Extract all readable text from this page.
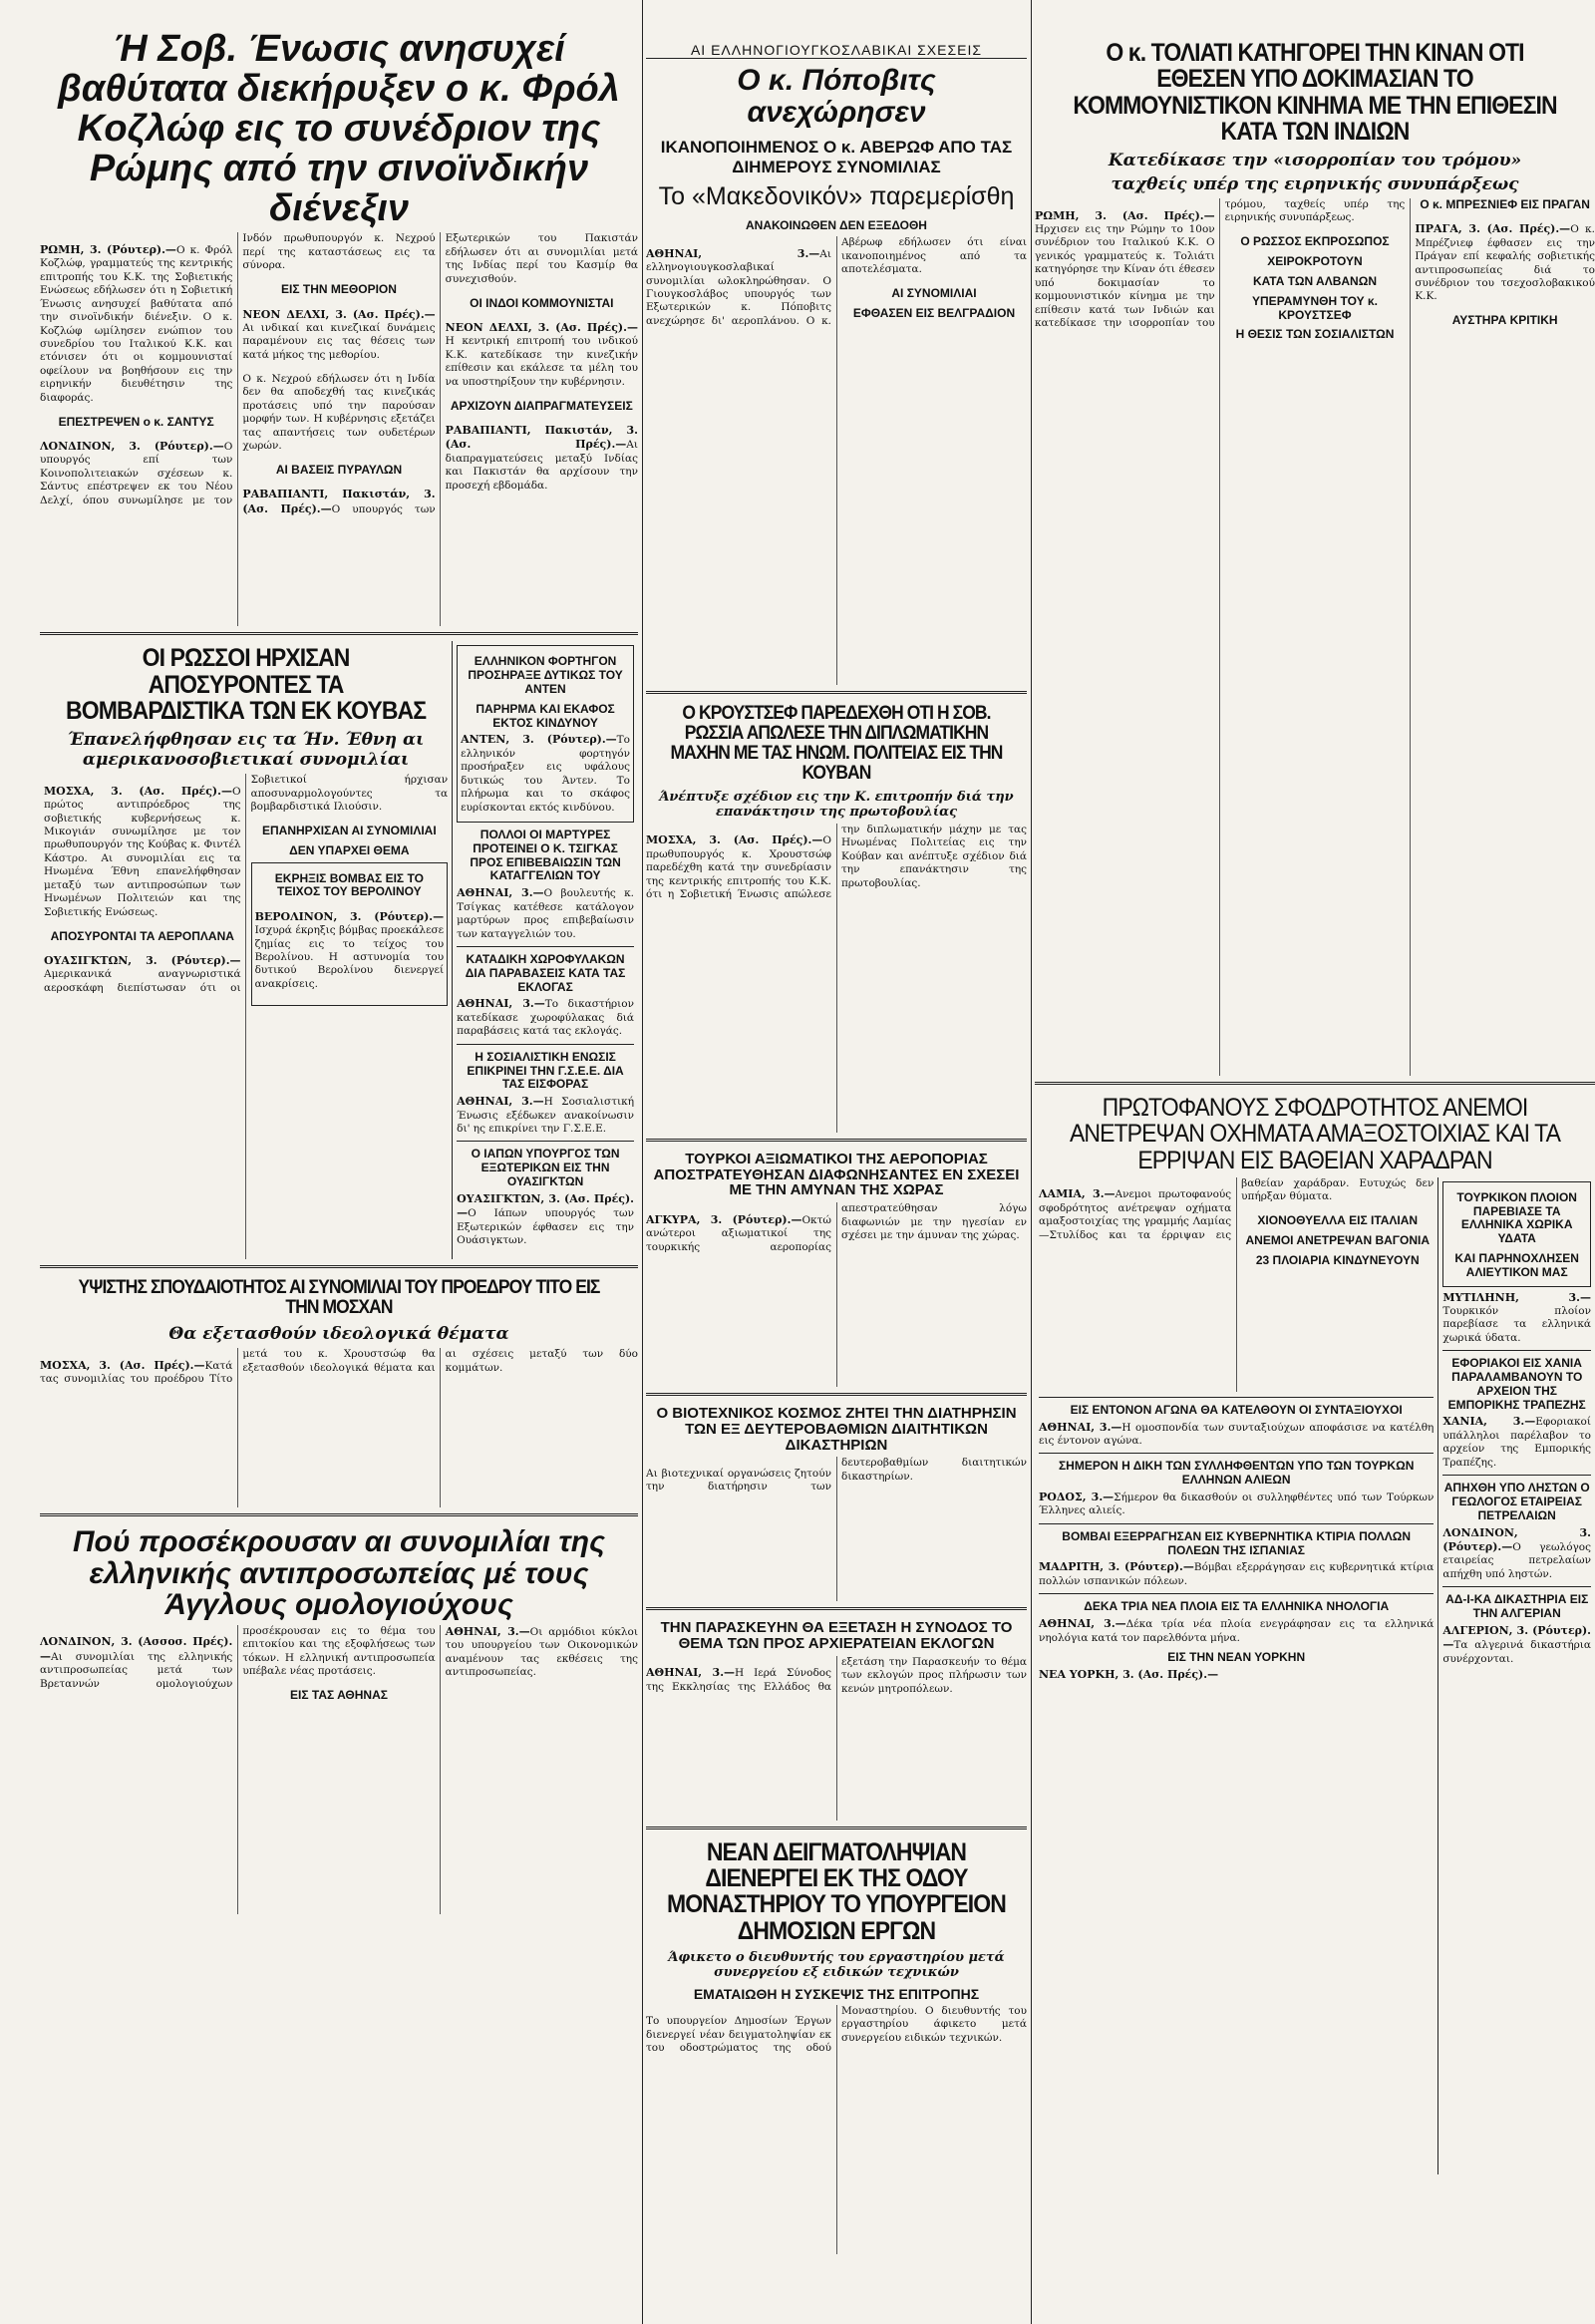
Ή Σοβ. Ένωσις ανησυχεί βαθύτατα διεκήρυξεν ο κ. Φρόλ Κοζλώφ εις το συνέδριον της Ρώμης από την σινοϊνδικήν διένεξιν

ΡΩΜΗ, 3. (Ρόυτερ).—Ο κ. Φρόλ Κοζλώφ, γραμματεύς της κεντρικής επιτροπής του Κ.Κ. της Σοβιετικής Ενώσεως εδήλωσεν ότι η Σοβιετική Ένωσις ανησυχεί βαθύτατα από την σινοϊνδικήν διένεξιν. Ο κ. Κοζλώφ ωμίλησεν ενώπιον του συνεδρίου του Ιταλικού Κ.Κ. και ετόνισεν ότι οι κομμουνισταί οφείλουν να βοηθήσουν εις την ειρηνικήν διευθέτησιν της διαφοράς.

ΕΠΕΣΤΡΕΨΕΝ ο κ. ΣΑΝΤΥΣ

ΛΟΝΔΙΝΟΝ, 3. (Ρόυτερ).—Ο υπουργός επί των Κοινοπολιτειακών σχέσεων κ. Σάντυς επέστρεψεν εκ του Νέου Δελχί, όπου συνωμίλησε με τον Ινδόν πρωθυπουργόν κ. Νεχρού περί της καταστάσεως εις τα σύνορα.

ΕΙΣ ΤΗΝ ΜΕΘΟΡΙΟΝ

ΝΕΟΝ ΔΕΛΧΙ, 3. (Ασ. Πρές).—Αι ινδικαί και κινεζικαί δυνάμεις παραμένουν εις τας θέσεις των κατά μήκος της μεθορίου.

Ο κ. Νεχρού εδήλωσεν ότι η Ινδία δεν θα αποδεχθή τας κινεζικάς προτάσεις υπό την παρούσαν μορφήν των. Η κυβέρνησις εξετάζει τας απαντήσεις των ουδετέρων χωρών.

ΑΙ ΒΑΣΕΙΣ ΠΥΡΑΥΛΩΝ

ΡΑΒΑΠΙΑΝΤΙ, Πακιστάν, 3. (Ασ. Πρές).—Ο υπουργός των Εξωτερικών του Πακιστάν εδήλωσεν ότι αι συνομιλίαι μετά της Ινδίας περί του Κασμίρ θα συνεχισθούν.

ΟΙ ΙΝΔΟΙ ΚΟΜΜΟΥΝΙΣΤΑΙ

ΝΕΟΝ ΔΕΛΧΙ, 3. (Ασ. Πρές).—Η κεντρική επιτροπή του ινδικού Κ.Κ. κατεδίκασε την κινεζικήν επίθεσιν και εκάλεσε τα μέλη του να υποστηρίξουν την κυβέρνησιν.

ΑΡΧΙΖΟΥΝ ΔΙΑΠΡΑΓΜΑΤΕΥΣΕΙΣ

ΡΑΒΑΠΙΑΝΤΙ, Πακιστάν, 3. (Ασ. Πρές).—Αι διαπραγματεύσεις μεταξύ Ινδίας και Πακιστάν θα αρχίσουν την προσεχή εβδομάδα.

ΟΙ ΡΩΣΣΟΙ ΗΡΧΙΣΑΝ ΑΠΟΣΥΡΟΝΤΕΣ ΤΑ ΒΟΜΒΑΡΔΙΣΤΙΚΑ ΤΩΝ ΕΚ ΚΟΥΒΑΣ
Έπανελήφθησαν εις τα Ήν. Έθνη αι αμερικανοσοβιετικαί συνομιλίαι

ΜΟΣΧΑ, 3. (Ασ. Πρές).—Ο πρώτος αντιπρόεδρος της σοβιετικής κυβερνήσεως κ. Μικογιάν συνωμίλησε με τον πρωθυπουργόν της Κούβας κ. Φιντέλ Κάστρο. Αι συνομιλίαι εις τα Ηνωμένα Έθνη επανελήφθησαν μεταξύ των αντιπροσώπων των Ηνωμένων Πολιτειών και της Σοβιετικής Ενώσεως.

ΑΠΟΣΥΡΟΝΤΑΙ ΤΑ ΑΕΡΟΠΛΑΝΑ

ΟΥΑΣΙΓΚΤΩΝ, 3. (Ρόυτερ).—Αμερικανικά αναγνωριστικά αεροσκάφη διεπίστωσαν ότι οι Σοβιετικοί ήρχισαν αποσυναρμολογούντες τα βομβαρδιστικά Ιλιούσιν.

ΕΠΑΝΗΡΧΙΣΑΝ ΑΙ ΣΥΝΟΜΙΛΙΑΙ
ΔΕΝ ΥΠΑΡΧΕΙ ΘΕΜΑ
ΕΚΡΗΞΙΣ ΒΟΜΒΑΣ ΕΙΣ ΤΟ ΤΕΙΧΟΣ ΤΟΥ ΒΕΡΟΛΙΝΟΥ

ΒΕΡΟΛΙΝΟΝ, 3. (Ρόυτερ).—Ισχυρά έκρηξις βόμβας προεκάλεσε ζημίας εις το τείχος του Βερολίνου. Η αστυνομία του δυτικού Βερολίνου διενεργεί ανακρίσεις.

ΕΛΛΗΝΙΚΟΝ ΦΟΡΤΗΓΟΝ ΠΡΟΣΗΡΑΞΕ ΔΥΤΙΚΩΣ ΤΟΥ ΑΝΤΕΝ
ΠΑΡΗΡΜΑ ΚΑΙ ΕΚΑΦΟΣ ΕΚΤΟΣ ΚΙΝΔΥΝΟΥ

ΑΝΤΕΝ, 3. (Ρόυτερ).—Το ελληνικόν φορτηγόν προσήραξεν εις υφάλους δυτικώς του Άντεν. Το πλήρωμα και το σκάφος ευρίσκονται εκτός κινδύνου.

ΠΟΛΛΟΙ ΟΙ ΜΑΡΤΥΡΕΣ ΠΡΟΤΕΙΝΕΙ Ο Κ. ΤΣΙΓΚΑΣ ΠΡΟΣ ΕΠΙΒΕΒΑΙΩΣΙΝ ΤΩΝ ΚΑΤΑΓΓΕΛΙΩΝ ΤΟΥ

ΑΘΗΝΑΙ, 3.—Ο βουλευτής κ. Τσίγκας κατέθεσε κατάλογον μαρτύρων προς επιβεβαίωσιν των καταγγελιών του.

ΚΑΤΑΔΙΚΗ ΧΩΡΟΦΥΛΑΚΩΝ ΔΙΑ ΠΑΡΑΒΑΣΕΙΣ ΚΑΤΑ ΤΑΣ ΕΚΛΟΓΑΣ

ΑΘΗΝΑΙ, 3.—Το δικαστήριον κατεδίκασε χωροφύλακας διά παραβάσεις κατά τας εκλογάς.

Η ΣΟΣΙΑΛΙΣΤΙΚΗ ΕΝΩΣΙΣ ΕΠΙΚΡΙΝΕΙ ΤΗΝ Γ.Σ.Ε.Ε. ΔΙΑ ΤΑΣ ΕΙΣΦΟΡΑΣ

ΑΘΗΝΑΙ, 3.—Η Σοσιαλιστική Ένωσις εξέδωκεν ανακοίνωσιν δι' ης επικρίνει την Γ.Σ.Ε.Ε.

Ο ΙΑΠΩΝ ΥΠΟΥΡΓΟΣ ΤΩΝ ΕΞΩΤΕΡΙΚΩΝ ΕΙΣ ΤΗΝ ΟΥΑΣΙΓΚΤΩΝ

ΟΥΑΣΙΓΚΤΩΝ, 3. (Ασ. Πρές).—Ο Ιάπων υπουργός των Εξωτερικών έφθασεν εις την Ουάσιγκτων.

ΥΨΙΣΤΗΣ ΣΠΟΥΔΑΙΟΤΗΤΟΣ ΑΙ ΣΥΝΟΜΙΛΙΑΙ ΤΟΥ ΠΡΟΕΔΡΟΥ ΤΙΤΟ ΕΙΣ ΤΗΝ ΜΟΣΧΑΝ
Θα εξετασθούν ιδεολογικά θέματα

ΜΟΣΧΑ, 3. (Ασ. Πρές).—Κατά τας συνομιλίας του προέδρου Τίτο μετά του κ. Χρουστσώφ θα εξετασθούν ιδεολογικά θέματα και αι σχέσεις μεταξύ των δύο κομμάτων.

Πού προσέκρουσαν αι συνομιλίαι της ελληνικής αντιπροσωπείας μέ τους Άγγλους ομολογιούχους

ΛΟΝΔΙΝΟΝ, 3. (Ασσοσ. Πρές).—Αι συνομιλίαι της ελληνικής αντιπροσωπείας μετά των Βρεταννών ομολογιούχων προσέκρουσαν εις το θέμα του επιτοκίου και της εξοφλήσεως των τόκων. Η ελληνική αντιπροσωπεία υπέβαλε νέας προτάσεις.

ΕΙΣ ΤΑΣ ΑΘΗΝΑΣ

ΑΘΗΝΑΙ, 3.—Οι αρμόδιοι κύκλοι του υπουργείου των Οικονομικών αναμένουν τας εκθέσεις της αντιπροσωπείας.

ΑΙ ΕΛΛΗΝΟΓΙΟΥΓΚΟΣΛΑΒΙΚΑΙ ΣΧΕΣΕΙΣ
Ο κ. Πόποβιτς ανεχώρησεν
ΙΚΑΝΟΠΟΙΗΜΕΝΟΣ Ο κ. ΑΒΕΡΩΦ ΑΠΟ ΤΑΣ ΔΙΗΜΕΡΟΥΣ ΣΥΝΟΜΙΛΙΑΣ
Το «Μακεδονικόν» παρεμερίσθη
ΑΝΑΚΟΙΝΩΘΕΝ ΔΕΝ ΕΞΕΔΟΘΗ

ΑΘΗΝΑΙ, 3.—Αι ελληνογιουγκοσλαβικαί συνομιλίαι ωλοκληρώθησαν. Ο Γιουγκοσλάβος υπουργός των Εξωτερικών κ. Πόποβιτς ανεχώρησε δι' αεροπλάνου. Ο κ. Αβέρωφ εδήλωσεν ότι είναι ικανοποιημένος από τα αποτελέσματα.

ΑΙ ΣΥΝΟΜΙΛΙΑΙ
ΕΦΘΑΣΕΝ ΕΙΣ ΒΕΛΓΡΑΔΙΟΝ
Ο ΚΡΟΥΣΤΣΕΦ ΠΑΡΕΔΕΧΘΗ ΟΤΙ Η ΣΟΒ. ΡΩΣΣΙΑ ΑΠΩΛΕΣΕ ΤΗΝ ΔΙΠΛΩΜΑΤΙΚΗΝ ΜΑΧΗΝ ΜΕ ΤΑΣ ΗΝΩΜ. ΠΟΛΙΤΕΙΑΣ ΕΙΣ ΤΗΝ ΚΟΥΒΑΝ
Άνέπτυξε σχέδιον εις την Κ. επιτροπήν διά την επανάκτησιν της πρωτοβουλίας

ΜΟΣΧΑ, 3. (Ασ. Πρές).—Ο πρωθυπουργός κ. Χρουστσώφ παρεδέχθη κατά την συνεδρίασιν της κεντρικής επιτροπής του Κ.Κ. ότι η Σοβιετική Ένωσις απώλεσε την διπλωματικήν μάχην με τας Ηνωμένας Πολιτείας εις την Κούβαν και ανέπτυξε σχέδιον διά την επανάκτησιν της πρωτοβουλίας.

ΤΟΥΡΚΟΙ ΑΞΙΩΜΑΤΙΚΟΙ ΤΗΣ ΑΕΡΟΠΟΡΙΑΣ ΑΠΟΣΤΡΑΤΕΥΘΗΣΑΝ ΔΙΑΦΩΝΗΣΑΝΤΕΣ ΕΝ ΣΧΕΣΕΙ ΜΕ ΤΗΝ ΑΜΥΝΑΝ ΤΗΣ ΧΩΡΑΣ

ΑΓΚΥΡΑ, 3. (Ρόυτερ).—Οκτώ ανώτεροι αξιωματικοί της τουρκικής αεροπορίας απεστρατεύθησαν λόγω διαφωνιών με την ηγεσίαν εν σχέσει με την άμυναν της χώρας.

Ο ΒΙΟΤΕΧΝΙΚΟΣ ΚΟΣΜΟΣ ΖΗΤΕΙ ΤΗΝ ΔΙΑΤΗΡΗΣΙΝ ΤΩΝ ΕΞ ΔΕΥΤΕΡΟΒΑΘΜΙΩΝ ΔΙΑΙΤΗΤΙΚΩΝ ΔΙΚΑΣΤΗΡΙΩΝ

Αι βιοτεχνικαί οργανώσεις ζητούν την διατήρησιν των δευτεροβαθμίων διαιτητικών δικαστηρίων.

ΤΗΝ ΠΑΡΑΣΚΕΥΗΝ ΘΑ ΕΞΕΤΑΣΗ Η ΣΥΝΟΔΟΣ ΤΟ ΘΕΜΑ ΤΩΝ ΠΡΟΣ ΑΡΧΙΕΡΑΤΕΙΑΝ ΕΚΛΟΓΩΝ

ΑΘΗΝΑΙ, 3.—Η Ιερά Σύνοδος της Εκκλησίας της Ελλάδος θα εξετάση την Παρασκευήν το θέμα των εκλογών προς πλήρωσιν των κενών μητροπόλεων.

ΝΕΑΝ ΔΕΙΓΜΑΤΟΛΗΨΙΑΝ ΔΙΕΝΕΡΓΕΙ ΕΚ ΤΗΣ ΟΔΟΥ ΜΟΝΑΣΤΗΡΙΟΥ ΤΟ ΥΠΟΥΡΓΕΙΟΝ ΔΗΜΟΣΙΩΝ ΕΡΓΩΝ
Άφικετο ο διευθυντής του εργαστηρίου μετά συνεργείου εξ ειδικών τεχνικών
ΕΜΑΤΑΙΩΘΗ Η ΣΥΣΚΕΨΙΣ ΤΗΣ ΕΠΙΤΡΟΠΗΣ

Το υπουργείον Δημοσίων Έργων διενεργεί νέαν δειγματοληψίαν εκ του οδοστρώματος της οδού Μοναστηρίου. Ο διευθυντής του εργαστηρίου άφικετο μετά συνεργείου ειδικών τεχνικών.

Ο κ. ΤΟΛΙΑΤΙ ΚΑΤΗΓΟΡΕΙ ΤΗΝ ΚΙΝΑΝ ΟΤΙ ΕΘΕΣΕΝ ΥΠΟ ΔΟΚΙΜΑΣΙΑΝ ΤΟ ΚΟΜΜΟΥΝΙΣΤΙΚΟΝ ΚΙΝΗΜΑ ΜΕ ΤΗΝ ΕΠΙΘΕΣΙΝ ΚΑΤΑ ΤΩΝ ΙΝΔΙΩΝ
Κατεδίκασε την «ισορροπίαν του τρόμου»
ταχθείς υπέρ της ειρηνικής συνυπάρξεως

ΡΩΜΗ, 3. (Ασ. Πρές).—Ηρχισεν εις την Ρώμην το 10ον συνέδριον του Ιταλικού Κ.Κ. Ο γενικός γραμματεύς κ. Τολιάτι κατηγόρησε την Κίναν ότι έθεσεν υπό δοκιμασίαν το κομμουνιστικόν κίνημα με την επίθεσιν κατά των Ινδιών και κατεδίκασε την ισορροπίαν του τρόμου, ταχθείς υπέρ της ειρηνικής συνυπάρξεως.

Ο ΡΩΣΣΟΣ ΕΚΠΡΟΣΩΠΟΣ
ΧΕΙΡΟΚΡΟΤΟΥΝ
ΚΑΤΑ ΤΩΝ ΑΛΒΑΝΩΝ
ΥΠΕΡΑΜΥΝΘΗ ΤΟΥ κ. ΚΡΟΥΣΤΣΕΦ
Η ΘΕΣΙΣ ΤΩΝ ΣΟΣΙΑΛΙΣΤΩΝ
Ο κ. ΜΠΡΕΣΝΙΕΦ ΕΙΣ ΠΡΑΓΑΝ

ΠΡΑΓΑ, 3. (Ασ. Πρές).—Ο κ. Μπρέζνιεφ έφθασεν εις την Πράγαν επί κεφαλής σοβιετικής αντιπροσωπείας διά το συνέδριον του τσεχοσλοβακικού Κ.Κ.

ΑΥΣΤΗΡΑ ΚΡΙΤΙΚΗ
ΠΡΩΤΟΦΑΝΟΥΣ ΣΦΟΔΡΟΤΗΤΟΣ ΑΝΕΜΟΙ ΑΝΕΤΡΕΨΑΝ ΟΧΗΜΑΤΑ ΑΜΑΞΟΣΤΟΙΧΙΑΣ ΚΑΙ ΤΑ ΕΡΡΙΨΑΝ ΕΙΣ ΒΑΘΕΙΑΝ ΧΑΡΑΔΡΑΝ

ΛΑΜΙΑ, 3.—Ανεμοι πρωτοφανούς σφοδρότητος ανέτρεψαν οχήματα αμαξοστοιχίας της γραμμής Λαμίας—Στυλίδος και τα έρριψαν εις βαθείαν χαράδραν. Ευτυχώς δεν υπήρξαν θύματα.

ΧΙΟΝΟΘΥΕΛΛΑ ΕΙΣ ΙΤΑΛΙΑΝ
ΑΝΕΜΟΙ ΑΝΕΤΡΕΨΑΝ ΒΑΓΟΝΙΑ
23 ΠΛΟΙΑΡΙΑ ΚΙΝΔΥΝΕΥΟΥΝ
ΕΙΣ ΕΝΤΟΝΟΝ ΑΓΩΝΑ ΘΑ ΚΑΤΕΛΘΟΥΝ ΟΙ ΣΥΝΤΑΞΙΟΥΧΟΙ

ΑΘΗΝΑΙ, 3.—Η ομοσπονδία των συνταξιούχων αποφάσισε να κατέλθη εις έντονον αγώνα.

ΣΗΜΕΡΟΝ Η ΔΙΚΗ ΤΩΝ ΣΥΛΛΗΦΘΕΝΤΩΝ ΥΠΟ ΤΩΝ ΤΟΥΡΚΩΝ ΕΛΛΗΝΩΝ ΑΛΙΕΩΝ

ΡΟΔΟΣ, 3.—Σήμερον θα δικασθούν οι συλληφθέντες υπό των Τούρκων Έλληνες αλιείς.

ΒΟΜΒΑΙ ΕΞΕΡΡΑΓΗΣΑΝ ΕΙΣ ΚΥΒΕΡΝΗΤΙΚΑ ΚΤΙΡΙΑ ΠΟΛΛΩΝ ΠΟΛΕΩΝ ΤΗΣ ΙΣΠΑΝΙΑΣ

ΜΑΔΡΙΤΗ, 3. (Ρόυτερ).—Βόμβαι εξερράγησαν εις κυβερνητικά κτίρια πολλών ισπανικών πόλεων.

ΔΕΚΑ ΤΡΙΑ ΝΕΑ ΠΛΟΙΑ ΕΙΣ ΤΑ ΕΛΛΗΝΙΚΑ ΝΗΟΛΟΓΙΑ

ΑΘΗΝΑΙ, 3.—Δέκα τρία νέα πλοία ενεγράφησαν εις τα ελληνικά νηολόγια κατά τον παρελθόντα μήνα.

ΕΙΣ ΤΗΝ ΝΕΑΝ ΥΟΡΚΗΝ

ΝΕΑ ΥΟΡΚΗ, 3. (Ασ. Πρές).—

ΤΟΥΡΚΙΚΟΝ ΠΛΟΙΟΝ ΠΑΡΕΒΙΑΣΕ ΤΑ ΕΛΛΗΝΙΚΑ ΧΩΡΙΚΑ ΥΔΑΤΑ
ΚΑΙ ΠΑΡΗΝΟΧΛΗΣΕΝ ΑΛΙΕΥΤΙΚΟΝ ΜΑΣ

ΜΥΤΙΛΗΝΗ, 3.—Τουρκικόν πλοίον παρεβίασε τα ελληνικά χωρικά ύδατα.

ΕΦΟΡΙΑΚΟΙ ΕΙΣ ΧΑΝΙΑ ΠΑΡΑΛΑΜΒΑΝΟΥΝ ΤΟ ΑΡΧΕΙΟΝ ΤΗΣ ΕΜΠΟΡΙΚΗΣ ΤΡΑΠΕΖΗΣ

ΧΑΝΙΑ, 3.—Εφοριακοί υπάλληλοι παρέλαβον το αρχείον της Εμπορικής Τραπέζης.

ΑΠΗΧΘΗ ΥΠΟ ΛΗΣΤΩΝ Ο ΓΕΩΛΟΓΟΣ ΕΤΑΙΡΕΙΑΣ ΠΕΤΡΕΛΑΙΩΝ

ΛΟΝΔΙΝΟΝ, 3. (Ρόυτερ).—Ο γεωλόγος εταιρείας πετρελαίων απήχθη υπό ληστών.

ΑΔ-Ι-ΚΑ ΔΙΚΑΣΤΗΡΙΑ ΕΙΣ ΤΗΝ ΑΛΓΕΡΙΑΝ

ΑΛΓΕΡΙΟΝ, 3. (Ρόυτερ).—Τα αλγερινά δικαστήρια συνέρχονται.
